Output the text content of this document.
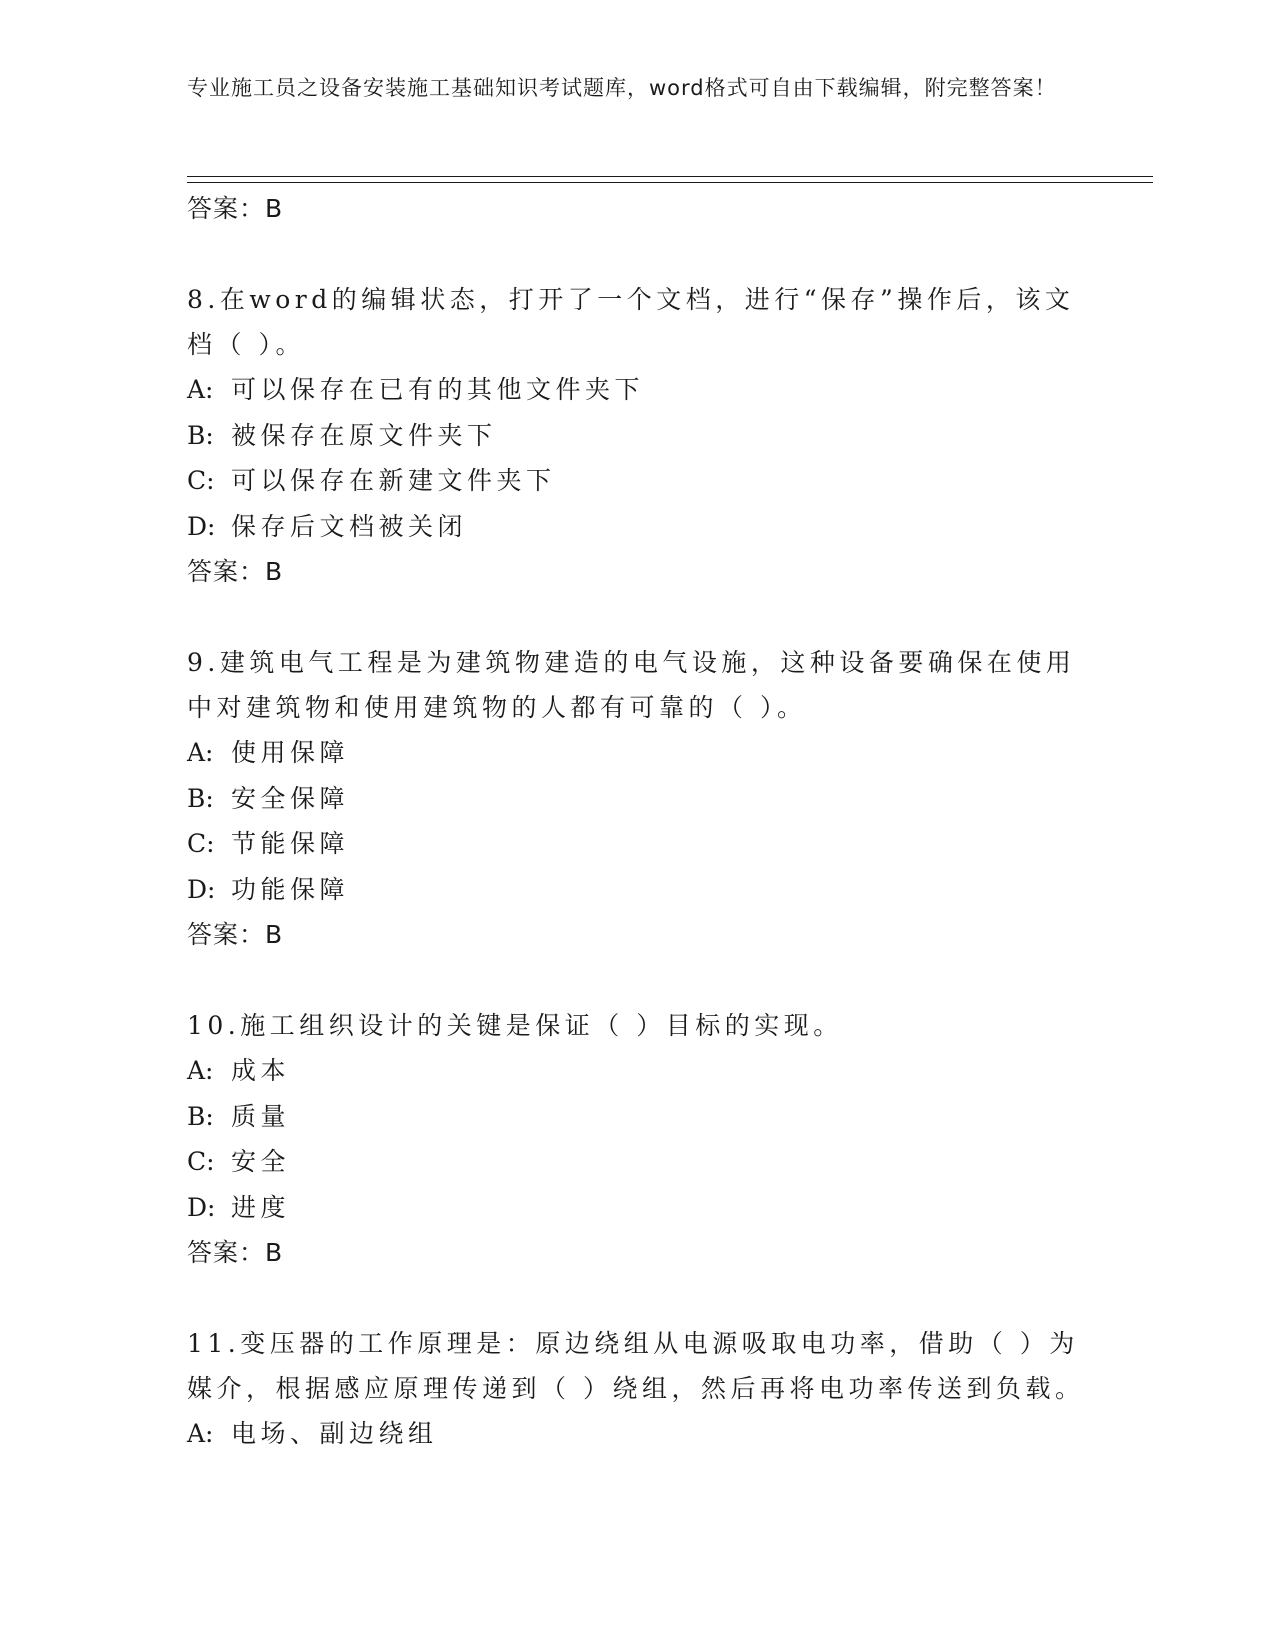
专业施工员之设备安装施工基础知识考试题库，word格式可自由下载编辑，附完整答案！
答案：B
8.在word的编辑状态，打开了一个文档，进行“保存”操作后，该文档（ ）。
A: 可以保存在已有的其他文件夹下
B: 被保存在原文件夹下
C: 可以保存在新建文件夹下
D: 保存后文档被关闭
答案：B
9.建筑电气工程是为建筑物建造的电气设施，这种设备要确保在使用中对建筑物和使用建筑物的人都有可靠的（ ）。
A: 使用保障
B: 安全保障
C: 节能保障
D: 功能保障
答案：B
10.施工组织设计的关键是保证（ ）目标的实现。
A: 成本
B: 质量
C: 安全
D: 进度
答案：B
11.变压器的工作原理是：原边绕组从电源吸取电功率，借助（ ）为媒介，根据感应原理传递到（ ）绕组，然后再将电功率传送到负载。
A: 电场、副边绕组
